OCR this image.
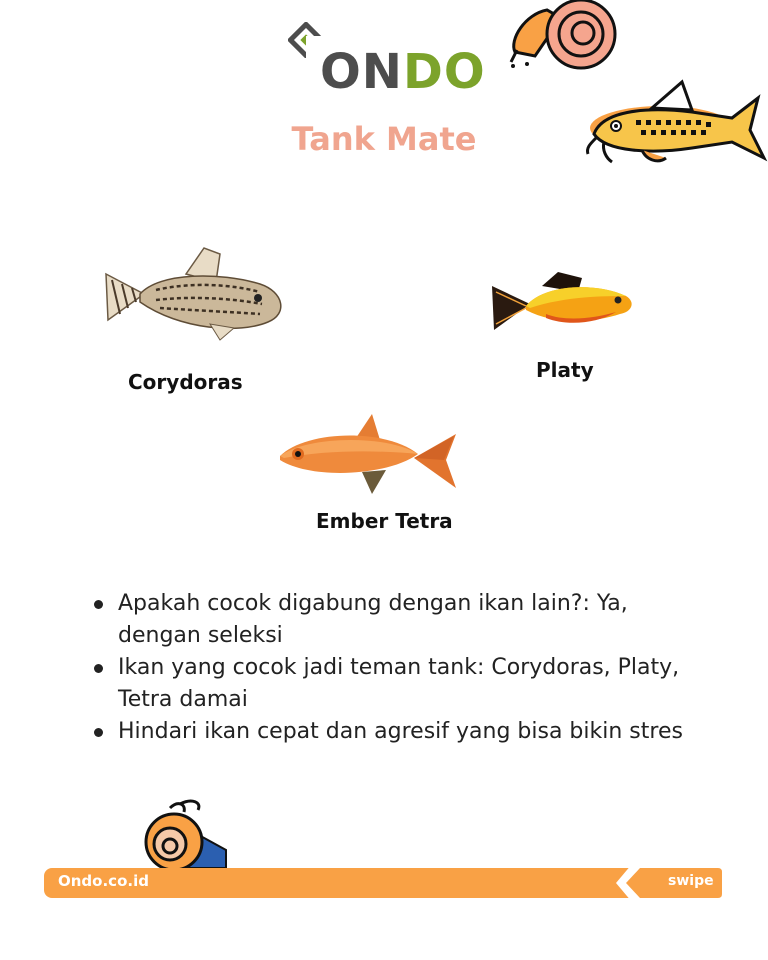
ONDO
Tank Mate
Corydoras	Platy
Ember Tetra
Apakah cocok digabung dengan ikan lain?: Ya, dengan seleksi
Ikan yang cocok jadi teman tank: Corydoras, Platy, Tetra damai
Hindari ikan cepat dan agresif yang bisa bikin stres
Ondo.co.id	swipe
